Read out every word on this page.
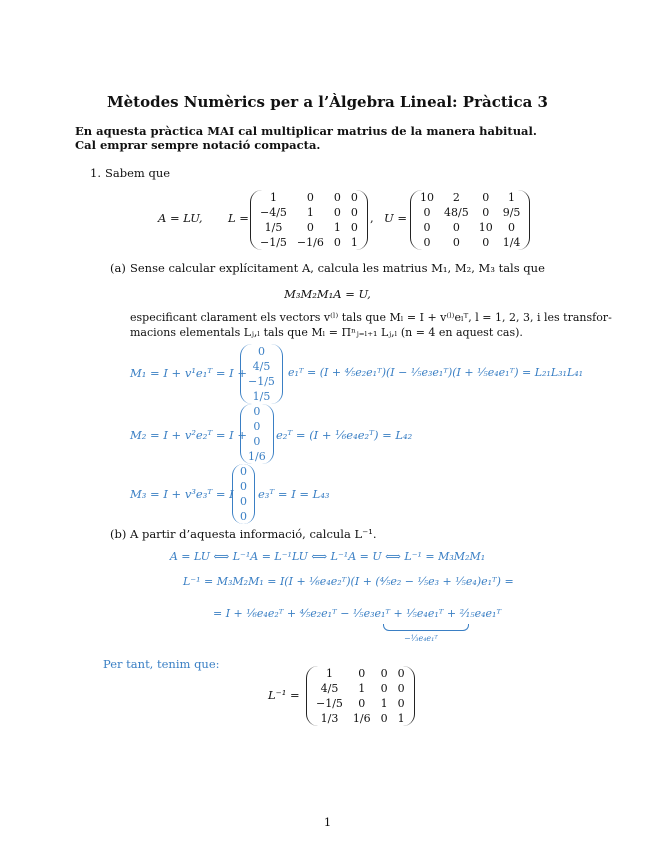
Mètodes Numèrics per a l’Àlgebra Lineal: Pràctica 3
En aquesta pràctica MAI cal multiplicar matrius de la manera habitual.
Cal emprar sempre notació compacta.
1. Sabem que
A = LU, L =
1	0	0	0
−4/5	1	0	0
1/5	0	1	0
−1/5	−1/6	0	1
, U =
10	2	0	1
0	48/5	0	9/5
0	0	10	0
0	0	0	1/4
(a) Sense calcular explícitament A, calcula les matrius M₁, M₂, M₃ tals que
M₃M₂M₁A = U,
especificant clarament els vectors v⁽ˡ⁾ tals que Mₗ = I + v⁽ˡ⁾eₗᵀ, l = 1, 2, 3, i les transfor-
macions elementals Lⱼ,ₗ tals que Mₗ = Πⁿⱼ₌ₗ₊₁ Lⱼ,ₗ (n = 4 en aquest cas).
M₁ = I + v¹e₁ᵀ = I +
0
4/5
−1/5
1/5
e₁ᵀ = (I + ⁴⁄₅e₂e₁ᵀ)(I − ¹⁄₅e₃e₁ᵀ)(I + ¹⁄₅e₄e₁ᵀ) = L₂₁L₃₁L₄₁
M₂ = I + v²e₂ᵀ = I +
0
0
0
1/6
e₂ᵀ = (I + ¹⁄₆e₄e₂ᵀ) = L₄₂
M₃ = I + v³e₃ᵀ = I
0
0
0
0
e₃ᵀ = I = L₄₃
(b) A partir d’aquesta informació, calcula L⁻¹.
A = LU ⟺ L⁻¹A = L⁻¹LU ⟺ L⁻¹A = U ⟺ L⁻¹ = M₃M₂M₁
L⁻¹ = M₃M₂M₁ = I(I + ¹⁄₆e₄e₂ᵀ)(I + (⁴⁄₅e₂ − ¹⁄₅e₃ + ¹⁄₅e₄)e₁ᵀ) =
= I + ¹⁄₆e₄e₂ᵀ + ⁴⁄₅e₂e₁ᵀ − ¹⁄₅e₃e₁ᵀ + ¹⁄₅e₄e₁ᵀ + ²⁄₁₅e₄e₁ᵀ
−⅓e₄e₁ᵀ
Per tant, tenim que:
L⁻¹ =
1	0	0	0
4/5	1	0	0
−1/5	0	1	0
1/3	1/6	0	1
1
